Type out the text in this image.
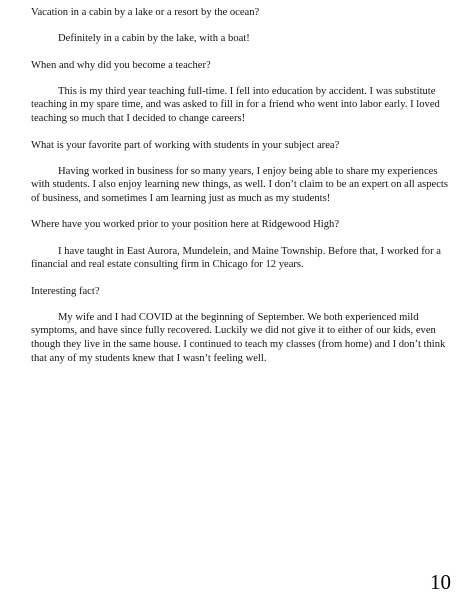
Vacation in a cabin by a lake or a resort by the ocean?

Definitely in a cabin by the lake, with a boat!

When and why did you become a teacher?

This is my third year teaching full-time. I fell into education by accident. I was substitute teaching in my spare time, and was asked to fill in for a friend who went into labor early. I loved teaching so much that I decided to change careers!

What is your favorite part of working with students in your subject area?

Having worked in business for so many years, I enjoy being able to share my experiences with students. I also enjoy learning new things, as well. I don’t claim to be an expert on all aspects of business, and sometimes I am learning just as much as my students!

Where have you worked prior to your position here at Ridgewood High?

I have taught in East Aurora, Mundelein, and Maine Township. Before that, I worked for a financial and real estate consulting firm in Chicago for 12 years.

Interesting fact?

My wife and I had COVID at the beginning of September. We both experienced mild symptoms, and have since fully recovered. Luckily we did not give it to either of our kids, even though they live in the same house. I continued to teach my classes (from home) and I don’t think that any of my students knew that I wasn’t feeling well.

10
